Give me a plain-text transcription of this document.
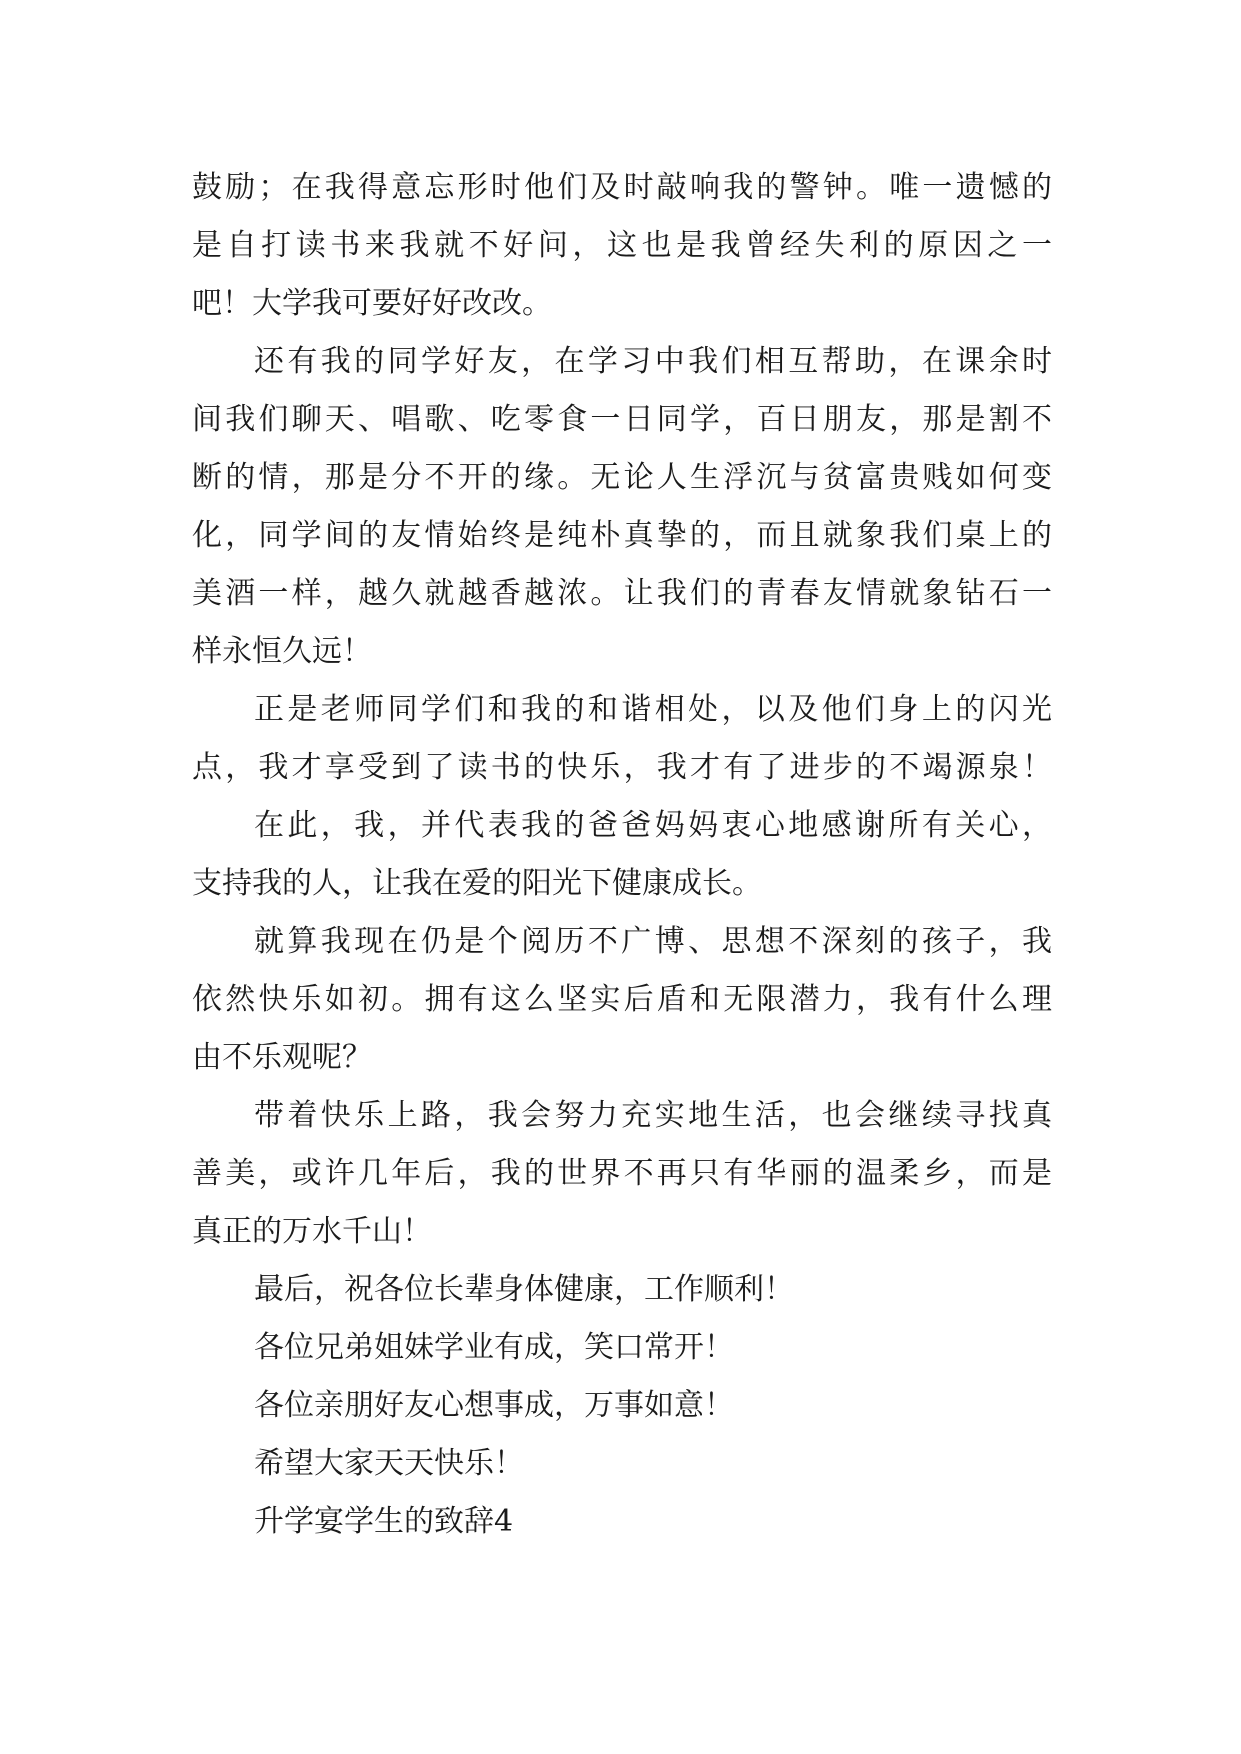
鼓励；在我得意忘形时他们及时敲响我的警钟。唯一遗憾的
是自打读书来我就不好问，这也是我曾经失利的原因之一
吧！大学我可要好好改改。
还有我的同学好友，在学习中我们相互帮助，在课余时
间我们聊天、唱歌、吃零食一日同学，百日朋友，那是割不
断的情，那是分不开的缘。无论人生浮沉与贫富贵贱如何变
化，同学间的友情始终是纯朴真挚的，而且就象我们桌上的
美酒一样，越久就越香越浓。让我们的青春友情就象钻石一
样永恒久远！
正是老师同学们和我的和谐相处，以及他们身上的闪光
点，我才享受到了读书的快乐，我才有了进步的不竭源泉！
在此，我，并代表我的爸爸妈妈衷心地感谢所有关心，
支持我的人，让我在爱的阳光下健康成长。
就算我现在仍是个阅历不广博、思想不深刻的孩子，我
依然快乐如初。拥有这么坚实后盾和无限潜力，我有什么理
由不乐观呢？
带着快乐上路，我会努力充实地生活，也会继续寻找真
善美，或许几年后，我的世界不再只有华丽的温柔乡，而是
真正的万水千山！
最后，祝各位长辈身体健康，工作顺利！
各位兄弟姐妹学业有成，笑口常开！
各位亲朋好友心想事成，万事如意！
希望大家天天快乐！
升学宴学生的致辞4
